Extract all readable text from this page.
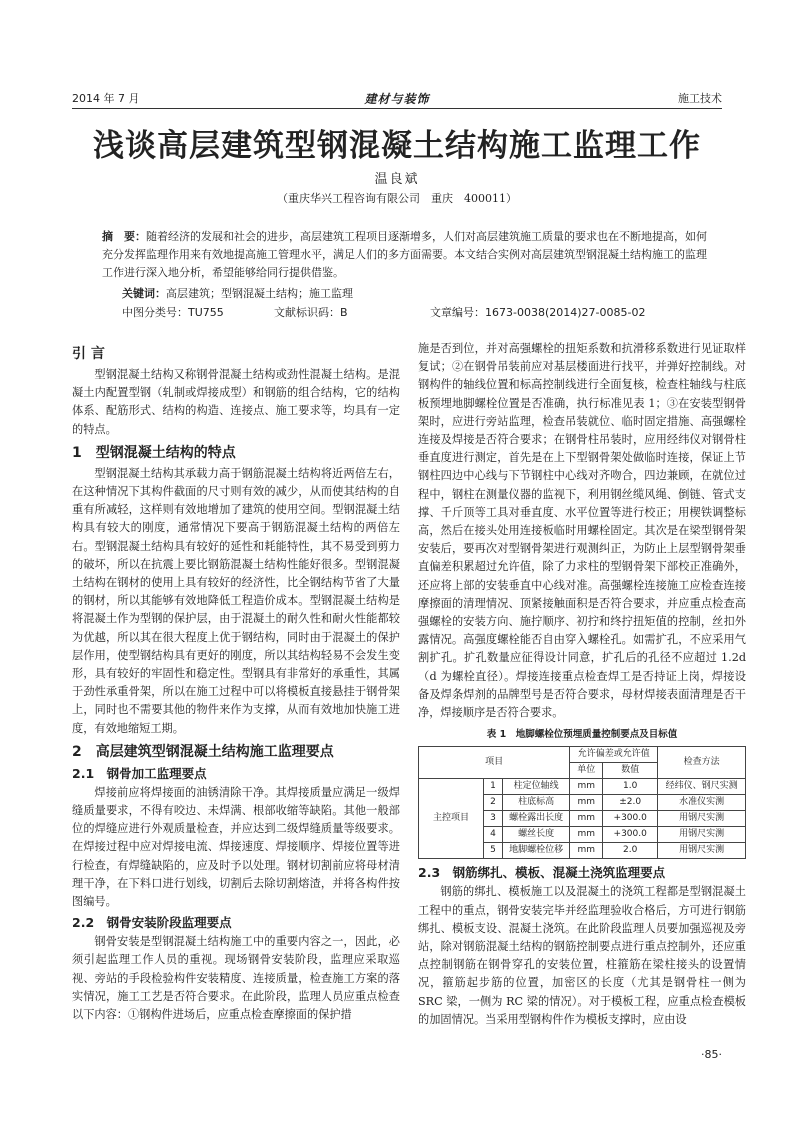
2014 年 7 月	建材与装饰	施工技术
浅谈高层建筑型钢混凝土结构施工监理工作
温良斌
（重庆华兴工程咨询有限公司　重庆　400011）
摘　要：随着经济的发展和社会的进步，高层建筑工程项目逐渐增多，人们对高层建筑施工质量的要求也在不断地提高，如何充分发挥监理作用来有效地提高施工管理水平，满足人们的多方面需要。本文结合实例对高层建筑型钢混凝土结构施工的监理工作进行深入地分析，希望能够给同行提供借鉴。
关键词：高层建筑；型钢混凝土结构；施工监理
中图分类号：TU755	文献标识码：B	文章编号：1673-0038(2014)27-0085-02
引 言

型钢混凝土结构又称钢骨混凝土结构或劲性混凝土结构。是混凝土内配置型钢（轧制或焊接成型）和钢筋的组合结构，它的结构体系、配筋形式、结构的构造、连接点、施工要求等，均具有一定的特点。

1　型钢混凝土结构的特点

型钢混凝土结构其承载力高于钢筋混凝土结构将近两倍左右，在这种情况下其构件截面的尺寸则有效的减少，从而使其结构的自重有所减轻，这样则有效地增加了建筑的使用空间。型钢混凝土结构具有较大的刚度，通常情况下要高于钢筋混凝土结构的两倍左右。型钢混凝土结构具有较好的延性和耗能特性，其不易受到剪力的破坏，所以在抗震上要比钢筋混凝土结构性能好很多。型钢混凝土结构在钢材的使用上具有较好的经济性，比全钢结构节省了大量的钢材，所以其能够有效地降低工程造价成本。型钢混凝土结构是将混凝土作为型钢的保护层，由于混凝土的耐久性和耐火性能都较为优越，所以其在很大程度上优于钢结构，同时由于混凝土的保护层作用，使型钢结构具有更好的刚度，所以其结构轻易不会发生变形，具有较好的牢固性和稳定性。型钢具有非常好的承重性，其属于劲性承重骨架，所以在施工过程中可以将模板直接悬挂于钢骨架上，同时也不需要其他的物件来作为支撑，从而有效地加快施工进度，有效地缩短工期。

2　高层建筑型钢混凝土结构施工监理要点
2.1　钢骨加工监理要点

焊接前应将焊接面的油锈清除干净。其焊接质量应满足一级焊缝质量要求，不得有咬边、未焊满、根部收缩等缺陷。其他一般部位的焊缝应进行外观质量检查，并应达到二级焊缝质量等级要求。在焊接过程中应对焊接电流、焊接速度、焊接顺序、焊接位置等进行检查，有焊缝缺陷的，应及时予以处理。钢材切割前应将母材清理干净，在下料口进行划线，切割后去除切割熔渣，并将各构件按图编号。

2.2　钢骨安装阶段监理要点

钢骨安装是型钢混凝土结构施工中的重要内容之一，因此，必须引起监理工作人员的重视。现场钢骨安装阶段，监理应采取巡视、旁站的手段检验构件安装精度、连接质量，检查施工方案的落实情况，施工工艺是否符合要求。在此阶段，监理人员应重点检查以下内容：①钢构件进场后，应重点检查摩擦面的保护措

施是否到位，并对高强螺栓的扭矩系数和抗滑移系数进行见证取样复试；②在钢骨吊装前应对基层楼面进行找平，并弹好控制线。对钢构件的轴线位置和标高控制线进行全面复核，检查柱轴线与柱底板预埋地脚螺栓位置是否准确，执行标准见表 1；③在安装型钢骨架时，应进行旁站监理，检查吊装就位、临时固定措施、高强螺栓连接及焊接是否符合要求；在钢骨柱吊装时，应用经纬仪对钢骨柱垂直度进行测定，首先是在上下型钢骨架处做临时连接，保证上节钢柱四边中心线与下节钢柱中心线对齐吻合，四边兼顾，在就位过程中，钢柱在测量仪器的监视下，利用钢丝缆风绳、倒链、管式支撑、千斤顶等工具对垂直度、水平位置等进行校正；用楔铁调整标高，然后在接头处用连接板临时用螺栓固定。其次是在梁型钢骨架安装后，要再次对型钢骨架进行观测纠正，为防止上层型钢骨架垂直偏差积累超过允许值，除了力求柱的型钢骨架下部校正准确外，还应将上部的安装垂直中心线对准。高强螺栓连接施工应检查连接摩擦面的清理情况、顶紧接触面积是否符合要求，并应重点检查高强螺栓的安装方向、施拧顺序、初拧和终拧扭矩值的控制，丝扣外露情况。高强度螺栓能否自由穿入螺栓孔。如需扩孔，不应采用气割扩孔。扩孔数量应征得设计同意，扩孔后的孔径不应超过 1.2d（d 为螺栓直径）。焊接连接重点检查焊工是否持证上岗，焊接设备及焊条焊剂的品牌型号是否符合要求，母材焊接表面清理是否干净，焊接顺序是否符合要求。

表 1　地脚螺栓位预埋质量控制要点及目标值
项目			允许偏差或允许值		检查方法
			单位	数值	
主控项目	1	柱定位轴线	mm	1.0	经纬仪、钢尺实测
	2	柱底标高	mm	±2.0	水准仪实测
	3	螺栓露出长度	mm	+300.0	用钢尺实测
	4	螺丝长度	mm	+300.0	用钢尺实测
	5	地脚螺栓位移	mm	2.0	用钢尺实测
2.3　钢筋绑扎、模板、混凝土浇筑监理要点

钢筋的绑扎、模板施工以及混凝土的浇筑工程都是型钢混凝土工程中的重点，钢骨安装完毕并经监理验收合格后，方可进行钢筋绑扎、模板支设、混凝土浇筑。在此阶段监理人员要加强巡视及旁站，除对钢筋混凝土结构的钢筋控制要点进行重点控制外，还应重点控制钢筋在钢骨穿孔的安装位置，柱箍筋在梁柱接头的设置情况，箍筋起步筋的位置，加密区的长度（尤其是钢骨柱一侧为 SRC 梁，一侧为 RC 梁的情况）。对于模板工程，应重点检查模板的加固情况。当采用型钢构件作为模板支撑时，应由设

·85·
